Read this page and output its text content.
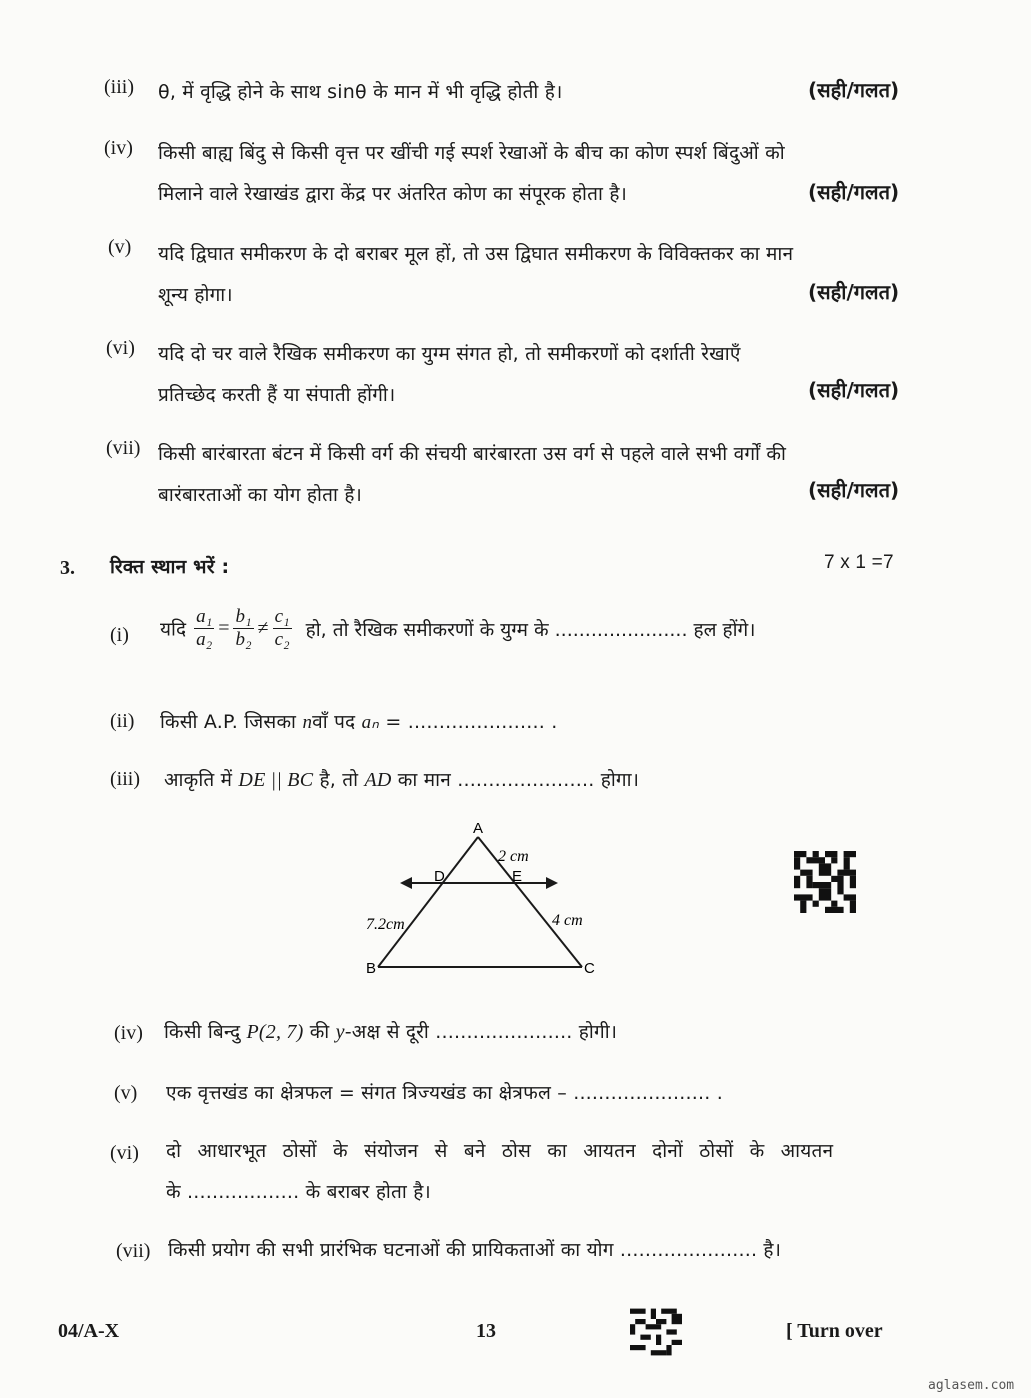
(iii) θ, में वृद्धि होने के साथ sinθ के मान में भी वृद्धि होती है।	(सही/गलत)
(iv) किसी बाह्य बिंदु से किसी वृत्त पर खींची गई स्पर्श रेखाओं के बीच का कोण स्पर्श बिंदुओं को
मिलाने वाले रेखाखंड द्वारा केंद्र पर अंतरित कोण का संपूरक होता है।	(सही/गलत)
(v) यदि द्विघात समीकरण के दो बराबर मूल हों, तो उस द्विघात समीकरण के विविक्तकर का मान
शून्य होगा।	(सही/गलत)
(vi) यदि दो चर वाले रैखिक समीकरण का युग्म संगत हो, तो समीकरणों को दर्शाती रेखाएँ
प्रतिच्छेद करती हैं या संपाती होंगी।	(सही/गलत)
(vii) किसी बारंबारता बंटन में किसी वर्ग की संचयी बारंबारता उस वर्ग से पहले वाले सभी वर्गों की
बारंबारताओं का योग होता है।	(सही/गलत)
3. रिक्त स्थान भरें :	7 x 1 =7
(i) यदि $\frac{\text{a₁}}{\text{a₂}} = \frac{\text{b₁}}{\text{b₂}} \ne \frac{\text{c₁}}{\text{c₂}}$ हो, तो रैखिक समीकरणों के युग्म के ...................... हल होंगे।
(ii) किसी A.P. जिसका nवाँ पद aₙ = ...................... .
(iii) आकृति में DE || BC है, तो AD का मान ...................... होगा।
A
D	E
B	C
2 cm
4 cm
7.2cm
(iv) किसी बिन्दु P(2, 7) की y-अक्ष से दूरी ...................... होगी।
(v) एक वृत्तखंड का क्षेत्रफल = संगत त्रिज्यखंड का क्षेत्रफल – ...................... .
(vi) दो आधारभूत ठोसों के संयोजन से बने ठोस का आयतन दोनों ठोसों के आयतन
के .................. के बराबर होता है।
(vii) किसी प्रयोग की सभी प्रारंभिक घटनाओं की प्रायिकताओं का योग ...................... है।
04/A-X	13	[ Turn over
aglasem.com
